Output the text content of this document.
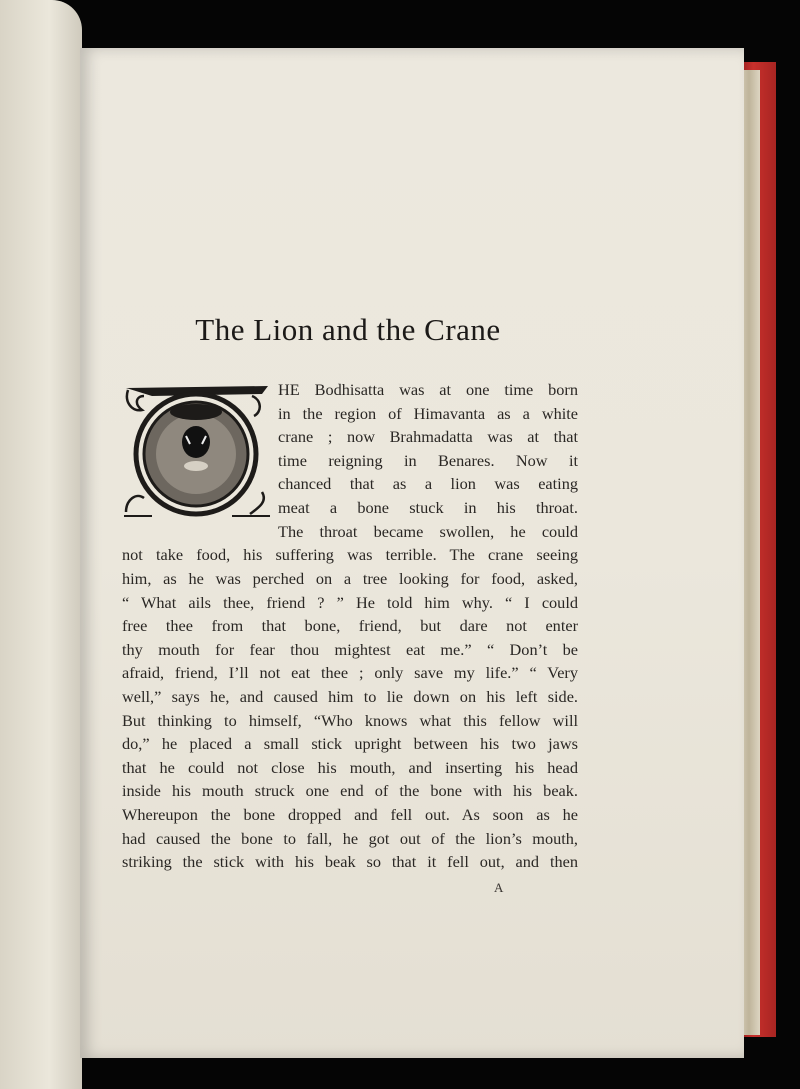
The Lion and the Crane
HE Bodhisatta was at one time born
in the region of Himavanta as a white
crane ; now Brahmadatta was at that
time reigning in Benares. Now it
chanced that as a lion was eating
meat a bone stuck in his throat.
The throat became swollen, he could
not take food, his suffering was terrible. The crane seeing
him, as he was perched on a tree looking for food, asked,
“ What ails thee, friend ? ” He told him why. “ I could
free thee from that bone, friend, but dare not enter
thy mouth for fear thou mightest eat me.” “ Don’t be
afraid, friend, I’ll not eat thee ; only save my life.” “ Very
well,” says he, and caused him to lie down on his left side.
But thinking to himself, “Who knows what this fellow will
do,” he placed a small stick upright between his two jaws
that he could not close his mouth, and inserting his head
inside his mouth struck one end of the bone with his beak.
Whereupon the bone dropped and fell out. As soon as he
had caused the bone to fall, he got out of the lion’s mouth,
striking the stick with his beak so that it fell out, and then
A
